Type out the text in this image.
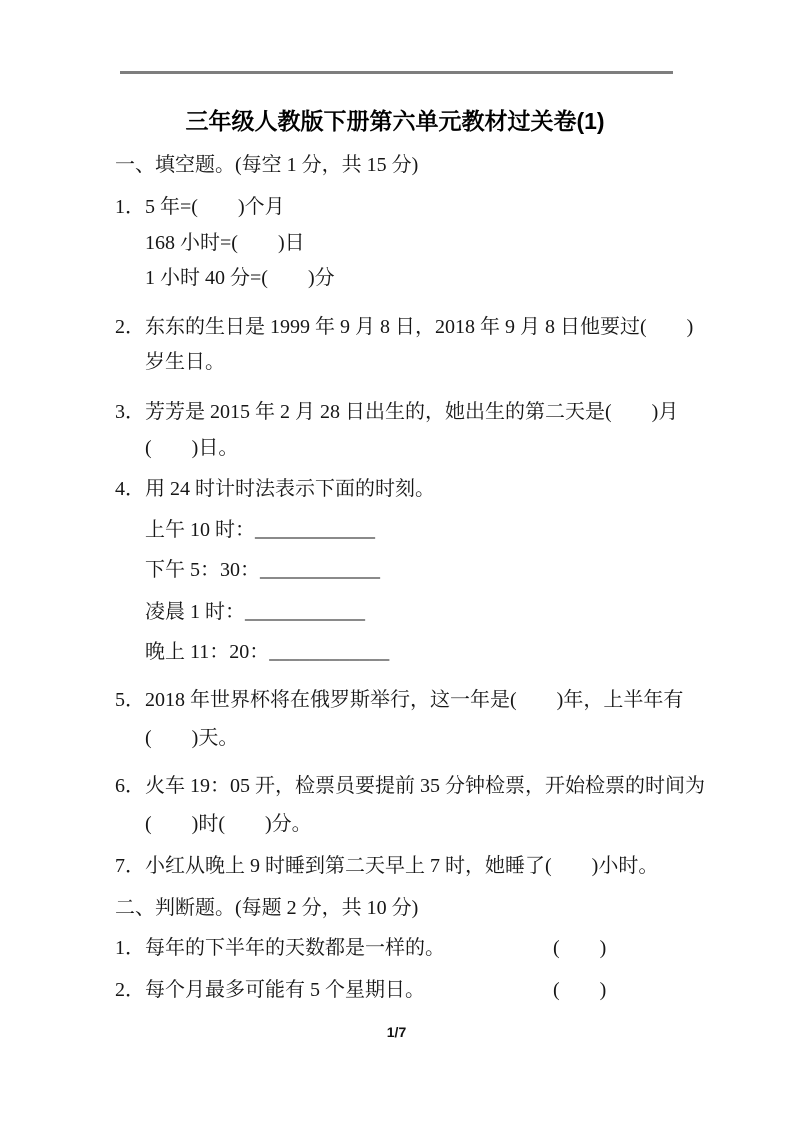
三年级人教版下册第六单元教材过关卷(1)
一、填空题。(每空 1 分，共 15 分)
1．5 年=(　　)个月
168 小时=(　　)日
1 小时 40 分=(　　)分
2．东东的生日是 1999 年 9 月 8 日，2018 年 9 月 8 日他要过(　　)
岁生日。
3．芳芳是 2015 年 2 月 28 日出生的，她出生的第二天是(　　)月
(　　)日。
4．用 24 时计时法表示下面的时刻。
上午 10 时：____________
下午 5：30：____________
凌晨 1 时：____________
晚上 11：20：____________
5．2018 年世界杯将在俄罗斯举行，这一年是(　　)年，上半年有
(　　)天。
6．火车 19：05 开，检票员要提前 35 分钟检票，开始检票的时间为
(　　)时(　　)分。
7．小红从晚上 9 时睡到第二天早上 7 时，她睡了(　　)小时。
二、判断题。(每题 2 分，共 10 分)
1．每年的下半年的天数都是一样的。	(　　)
2．每个月最多可能有 5 个星期日。	(　　)
1/7
